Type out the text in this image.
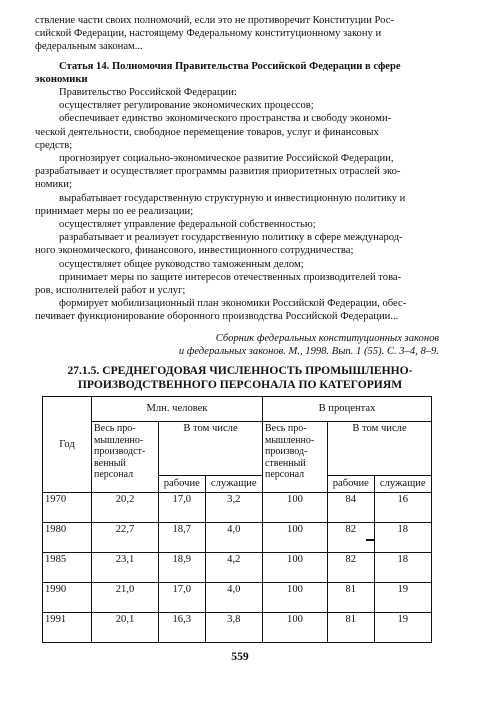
ствление части своих полномочий, если это не противоречит Конституции Рос-

сийской Федерации, настоящему Федеральному конституционному закону и

федеральным законам...

Статья 14. Полномочия Правительства Российской Федерации в сфере

экономики

Правительство Российской Федерации:

осуществляет регулирование экономических процессов;

обеспечивает единство экономического пространства и свободу экономи-

ческой деятельности, свободное перемещение товаров, услуг и финансовых

средств;

прогнозирует социально-экономическое развитие Российской Федерации,

разрабатывает и осуществляет программы развития приоритетных отраслей эко-

номики;

вырабатывает государственную структурную и инвестиционную политику и

принимает меры по ее реализации;

осуществляет управление федеральной собственностью;

разрабатывает и реализует государственную политику в сфере международ-

ного экономического, финансового, инвестиционного сотрудничества;

осуществляет общее руководство таможенным делом;

принимает меры по защите интересов отечественных производителей това-

ров, исполнителей работ и услуг;

формирует мобилизационный план экономики Российской Федерации, обес-

печивает функционирование оборонного производства Российской Федерации...

Сборник федеральных конституционных законов

и федеральных законов. М., 1998. Вып. 1 (55). С. 3–4, 8–9.

27.1.5. СРЕДНЕГОДОВАЯ ЧИСЛЕННОСТЬ ПРОМЫШЛЕННО-
ПРОИЗВОДСТВЕННОГО ПЕРСОНАЛА ПО КАТЕГОРИЯМ
Год	Млн. человек			В процентах		
	Весь про-мышленно-производст-венный персонал	В том числе		Весь про-мышленно-производ-ственный персонал	В том числе	
		рабочие	служащие		рабочие	служащие
1970	20,2	17,0	3,2	100	84	16
1980	22,7	18,7	4,0	100	82	18
1985	23,1	18,9	4,2	100	82	18
1990	21,0	17,0	4,0	100	81	19
1991	20,1	16,3	3,8	100	81	19
559
